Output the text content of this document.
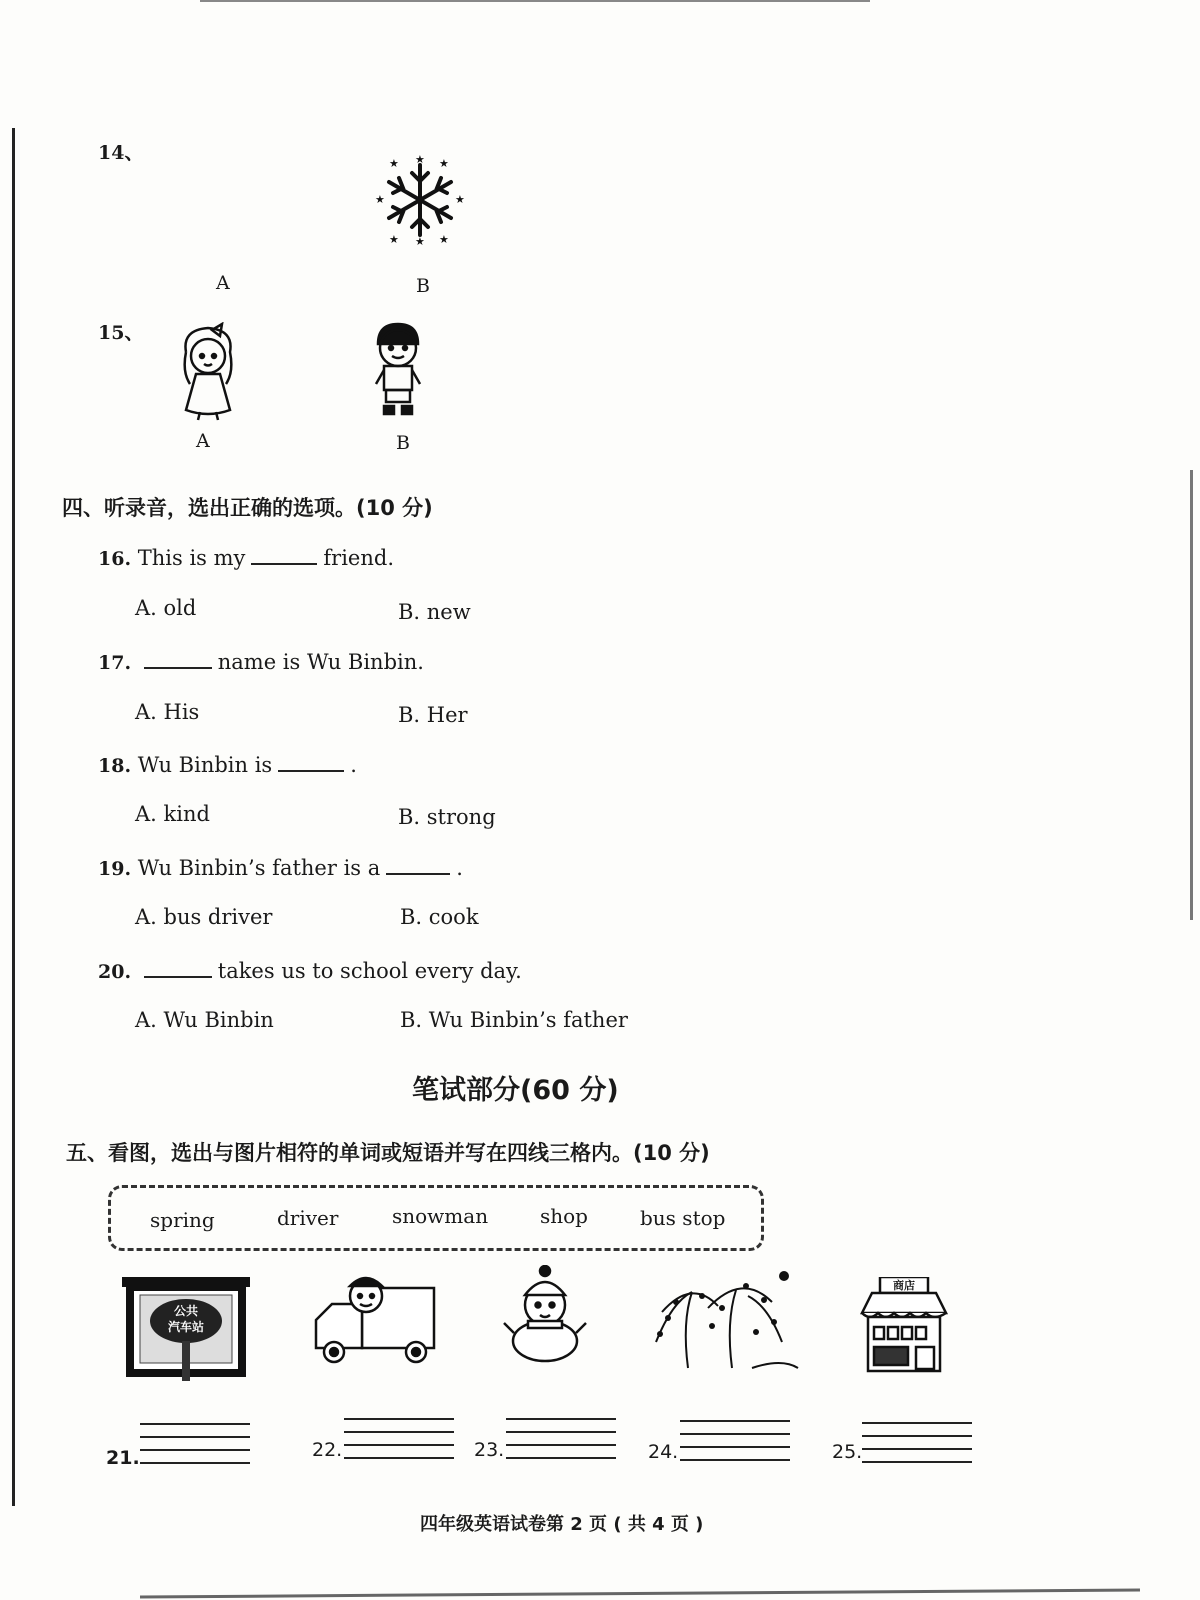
14、	★ ★ ★
★	★
★ ★ ★
A	B
15、
A	B
四、听录音，选出正确的选项。(10 分)
16. This is my	friend.
A. old	B. new
17.	name is Wu Binbin.
A. His	B. Her
18. Wu Binbin is	.
A. kind	B. strong
19. Wu Binbin’s father is a	.
A. bus driver	B. cook
20.	takes us to school every day.
A. Wu Binbin	B. Wu Binbin’s father
笔试部分(60 分)
五、看图，选出与图片相符的单词或短语并写在四线三格内。(10 分)
spring	driver	snowman	shop	bus stop
公共
汽车站
商店
21.	22.	23.	24.	25.
四年级英语试卷第 2 页 ( 共 4 页 )
